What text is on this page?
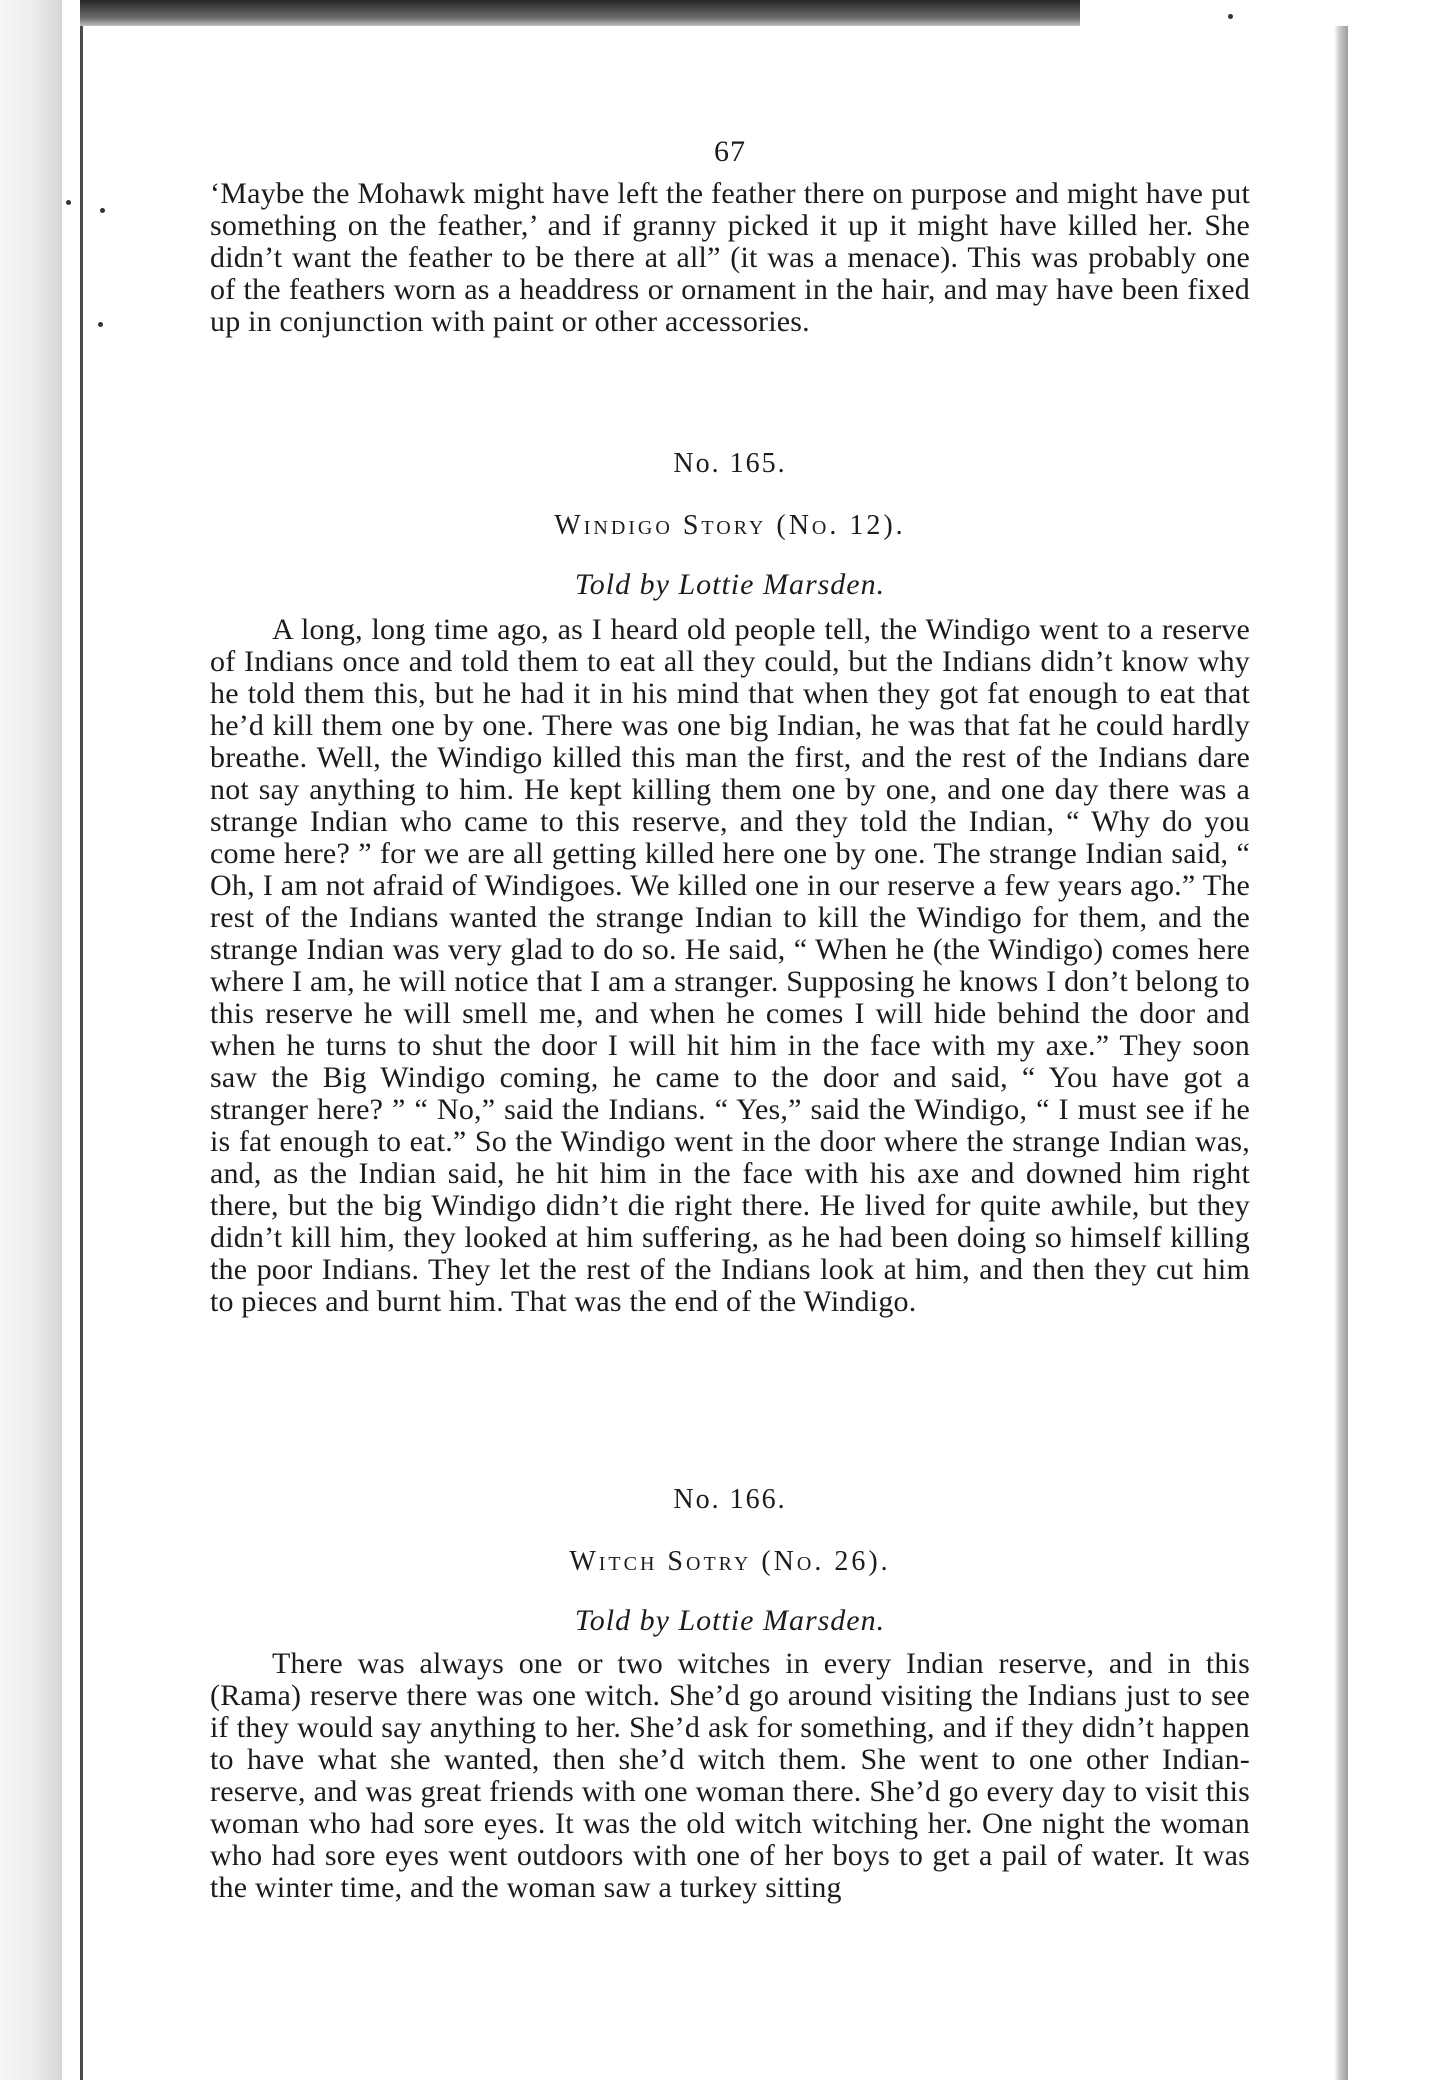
67

‘Maybe the Mohawk might have left the feather there on purpose and might have put something on the feather,’ and if granny picked it up it might have killed her. She didn’t want the feather to be there at all” (it was a menace). This was probably one of the feathers worn as a headdress or ornament in the hair, and may have been fixed up in conjunction with paint or other accessories.

No. 165.
Windigo Story (No. 12).
Told by Lottie Marsden.

A long, long time ago, as I heard old people tell, the Windigo went to a reserve of Indians once and told them to eat all they could, but the Indians didn’t know why he told them this, but he had it in his mind that when they got fat enough to eat that he’d kill them one by one. There was one big Indian, he was that fat he could hardly breathe. Well, the Windigo killed this man the first, and the rest of the Indians dare not say anything to him. He kept killing them one by one, and one day there was a strange Indian who came to this reserve, and they told the Indian, “ Why do you come here? ” for we are all getting killed here one by one. The strange Indian said, “ Oh, I am not afraid of Windigoes. We killed one in our reserve a few years ago.” The rest of the Indians wanted the strange Indian to kill the Windigo for them, and the strange Indian was very glad to do so. He said, “ When he (the Windigo) comes here where I am, he will notice that I am a stranger. Supposing he knows I don’t belong to this reserve he will smell me, and when he comes I will hide behind the door and when he turns to shut the door I will hit him in the face with my axe.” They soon saw the Big Windigo coming, he came to the door and said, “ You have got a stranger here? ” “ No,” said the Indians. “ Yes,” said the Windigo, “ I must see if he is fat enough to eat.” So the Windigo went in the door where the strange Indian was, and, as the Indian said, he hit him in the face with his axe and downed him right there, but the big Windigo didn’t die right there. He lived for quite awhile, but they didn’t kill him, they looked at him suffering, as he had been doing so himself killing the poor Indians. They let the rest of the Indians look at him, and then they cut him to pieces and burnt him. That was the end of the Windigo.

No. 166.
Witch Sotry (No. 26).
Told by Lottie Marsden.

There was always one or two witches in every Indian reserve, and in this (Rama) reserve there was one witch. She’d go around visiting the Indians just to see if they would say anything to her. She’d ask for something, and if they didn’t happen to have what she wanted, then she’d witch them. She went to one other Indian-reserve, and was great friends with one woman there. She’d go every day to visit this woman who had sore eyes. It was the old witch witching her. One night the woman who had sore eyes went outdoors with one of her boys to get a pail of water. It was the winter time, and the woman saw a turkey sitting
